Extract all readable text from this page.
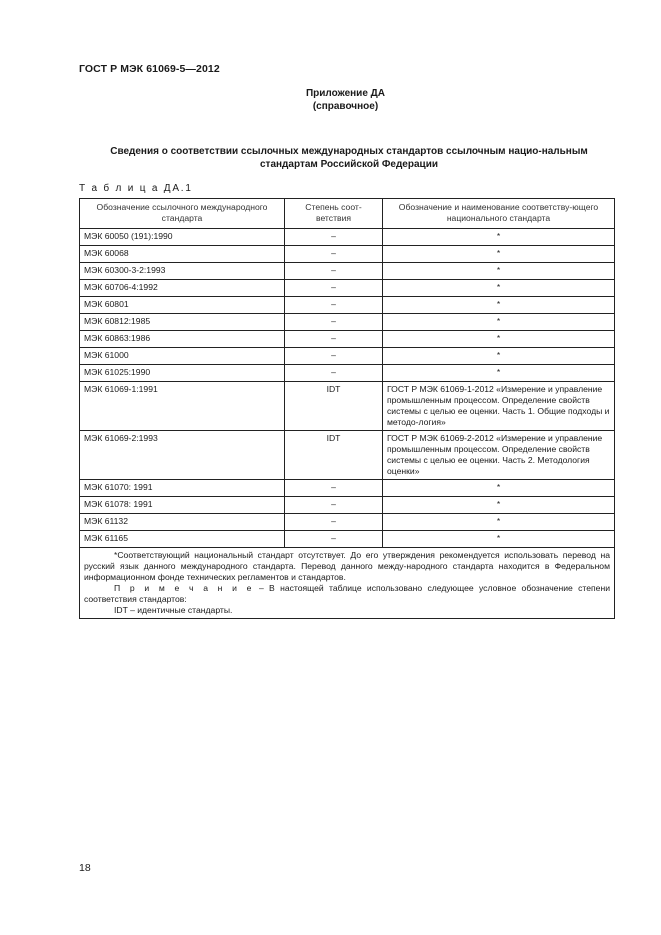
ГОСТ Р МЭК 61069-5—2012
Приложение ДА
(справочное)
Сведения о соответствии ссылочных международных стандартов ссылочным нацио-нальным стандартам Российской Федерации
Т а б л и ц а ДА.1
Обозначение ссылочного международного стандарта	Степень соот-ветствия	Обозначение и наименование соответству-ющего национального стандарта
МЭК 60050 (191):1990	–	*
МЭК 60068	–	*
МЭК 60300-3-2:1993	–	*
МЭК 60706-4:1992	–	*
МЭК 60801	–	*
МЭК 60812:1985	–	*
МЭК 60863:1986	–	*
МЭК 61000	–	*
МЭК 61025:1990	–	*
МЭК 61069-1:1991	IDT	ГОСТ Р МЭК 61069-1-2012 «Измерение и управление промышленным процессом. Определение свойств системы с целью ее оценки. Часть 1. Общие подходы и методо-логия»
МЭК 61069-2:1993	IDT	ГОСТ Р МЭК 61069-2-2012 «Измерение и управление промышленным процессом. Определение свойств системы с целью ее оценки. Часть 2. Методология оценки»
МЭК 61070: 1991	–	*
МЭК 61078: 1991	–	*
МЭК 61132	–	*
МЭК 61165	–	*

*Соответствующий национальный стандарт отсутствует. До его утверждения рекомендуется использовать перевод на русский язык данного международного стандарта. Перевод данного между-народного стандарта находится в Федеральном информационном фонде технических регламентов и стандартов.

П р и м е ч а н и е – В настоящей таблице использовано следующее условное обозначение степени соответствия стандартов:

IDT – идентичные стандарты.		

18
